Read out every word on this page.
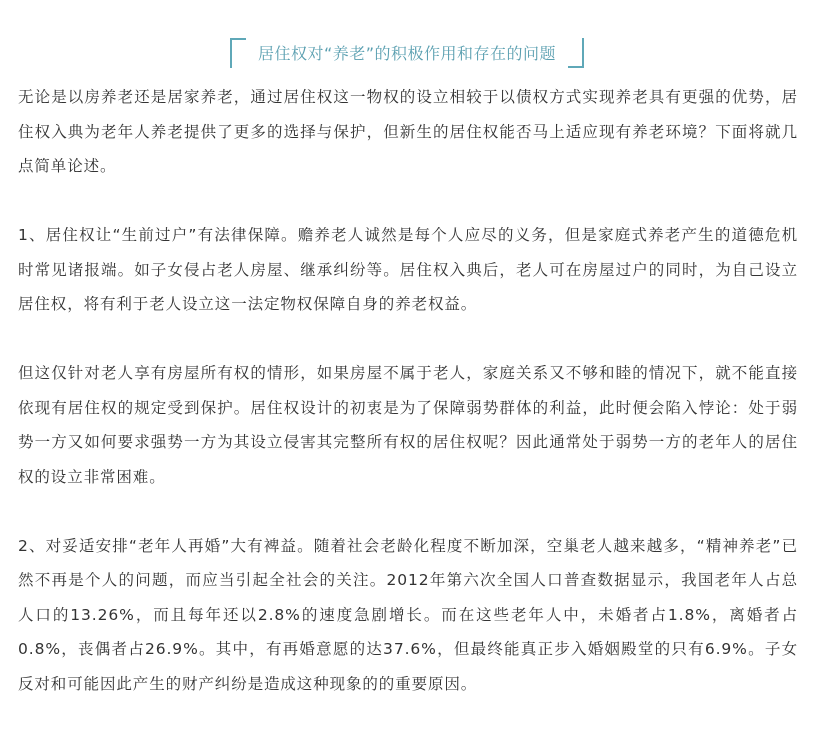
居住权对“养老”的积极作用和存在的问题

无论是以房养老还是居家养老，通过居住权这一物权的设立相较于以债权方式实现养老具有更强的优势，居住权入典为老年人养老提供了更多的选择与保护，但新生的居住权能否马上适应现有养老环境？下面将就几点简单论述。

1、居住权让“生前过户”有法律保障。赡养老人诚然是每个人应尽的义务，但是家庭式养老产生的道德危机时常见诸报端。如子女侵占老人房屋、继承纠纷等。居住权入典后，老人可在房屋过户的同时，为自己设立居住权，将有利于老人设立这一法定物权保障自身的养老权益。

但这仅针对老人享有房屋所有权的情形，如果房屋不属于老人，家庭关系又不够和睦的情况下，就不能直接依现有居住权的规定受到保护。居住权设计的初衷是为了保障弱势群体的利益，此时便会陷入悖论：处于弱势一方又如何要求强势一方为其设立侵害其完整所有权的居住权呢？因此通常处于弱势一方的老年人的居住权的设立非常困难。

2、对妥适安排“老年人再婚”大有裨益。随着社会老龄化程度不断加深，空巢老人越来越多，“精神养老”已然不再是个人的问题，而应当引起全社会的关注。2012年第六次全国人口普查数据显示，我国老年人占总人口的13.26%，而且每年还以2.8%的速度急剧增长。而在这些老年人中，未婚者占1.8%，离婚者占0.8%，丧偶者占26.9%。其中，有再婚意愿的达37.6%，但最终能真正步入婚姻殿堂的只有6.9%。子女反对和可能因此产生的财产纠纷是造成这种现象的的重要原因。
